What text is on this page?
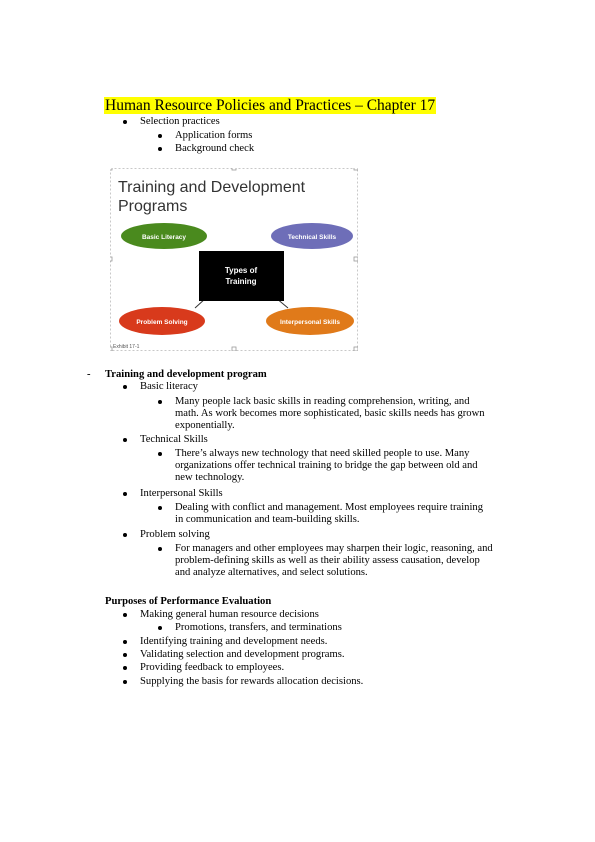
Human Resource Policies and Practices – Chapter 17
Selection practices
Application forms
Background check
Training and Development
Programs
Basic Literacy	Technical Skills
Problem Solving	Interpersonal Skills
Types of
Training
Exhibit 17-1
- Training and development program
Basic literacy
Many people lack basic skills in reading comprehension, writing, and
math. As work becomes more sophisticated, basic skills needs has grown
exponentially.
Technical Skills
There’s always new technology that need skilled people to use. Many
organizations offer technical training to bridge the gap between old and
new technology.
Interpersonal Skills
Dealing with conflict and management. Most employees require training
in communication and team-building skills.
Problem solving
For managers and other employees may sharpen their logic, reasoning, and
problem-defining skills as well as their ability assess causation, develop
and analyze alternatives, and select solutions.
Purposes of Performance Evaluation
Making general human resource decisions
Promotions, transfers, and terminations
Identifying training and development needs.
Validating selection and development programs.
Providing feedback to employees.
Supplying the basis for rewards allocation decisions.
